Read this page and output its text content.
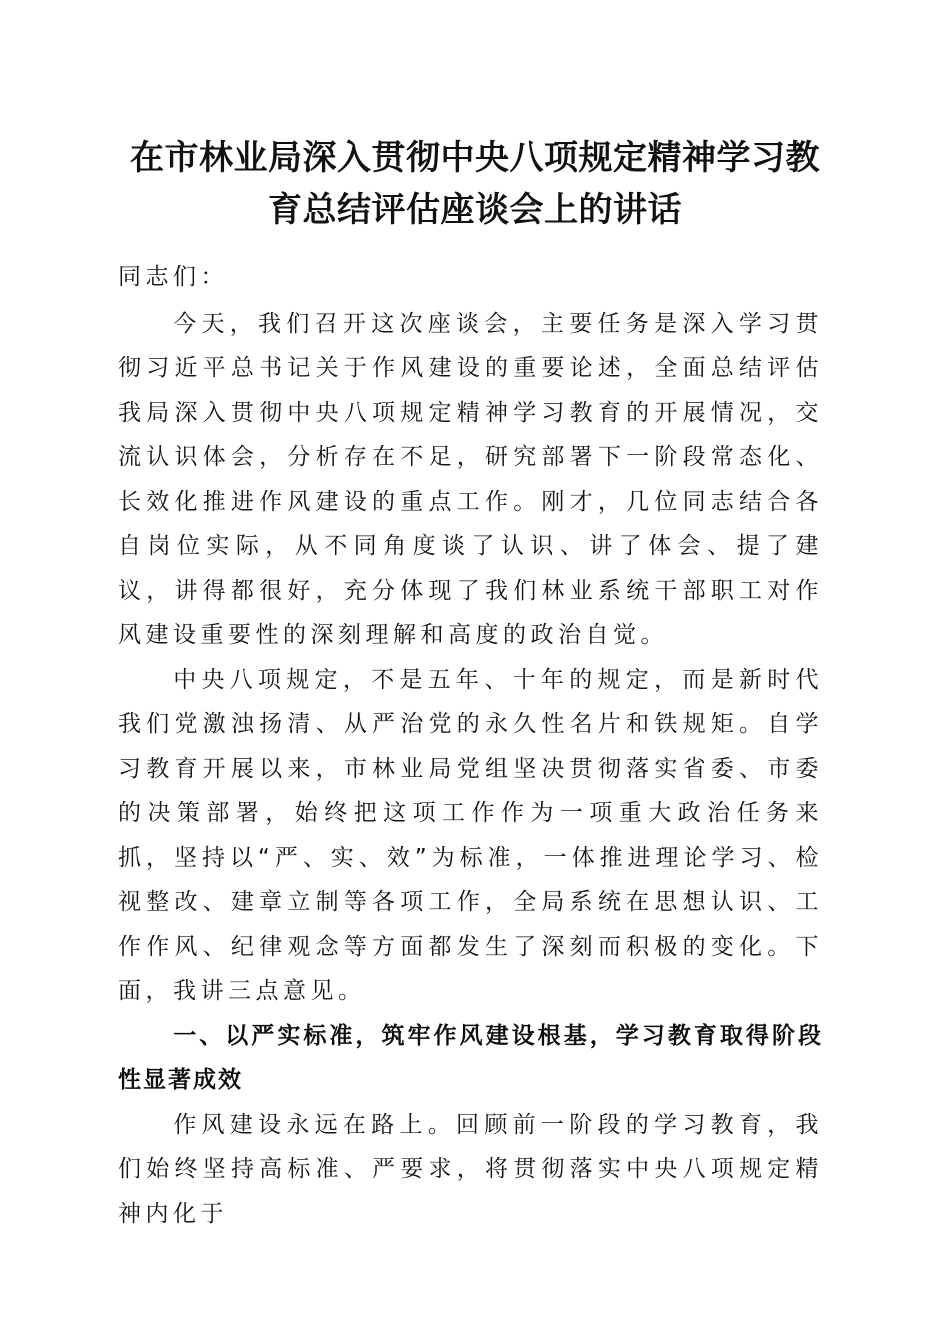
在市林业局深入贯彻中央八项规定精神学习教
育总结评估座谈会上的讲话

同志们：

今天，我们召开这次座谈会，主要任务是深入学习贯彻习近平总书记关于作风建设的重要论述，全面总结评估我局深入贯彻中央八项规定精神学习教育的开展情况，交流认识体会，分析存在不足，研究部署下一阶段常态化、长效化推进作风建设的重点工作。刚才，几位同志结合各自岗位实际，从不同角度谈了认识、讲了体会、提了建议，讲得都很好，充分体现了我们林业系统干部职工对作风建设重要性的深刻理解和高度的政治自觉。

中央八项规定，不是五年、十年的规定，而是新时代我们党激浊扬清、从严治党的永久性名片和铁规矩。自学习教育开展以来，市林业局党组坚决贯彻落实省委、市委的决策部署，始终把这项工作作为一项重大政治任务来抓，坚持以“严、实、效”为标准，一体推进理论学习、检视整改、建章立制等各项工作，全局系统在思想认识、工作作风、纪律观念等方面都发生了深刻而积极的变化。下面，我讲三点意见。

一、以严实标准，筑牢作风建设根基，学习教育取得阶段性显著成效

作风建设永远在路上。回顾前一阶段的学习教育，我们始终坚持高标准、严要求，将贯彻落实中央八项规定精神内化于
